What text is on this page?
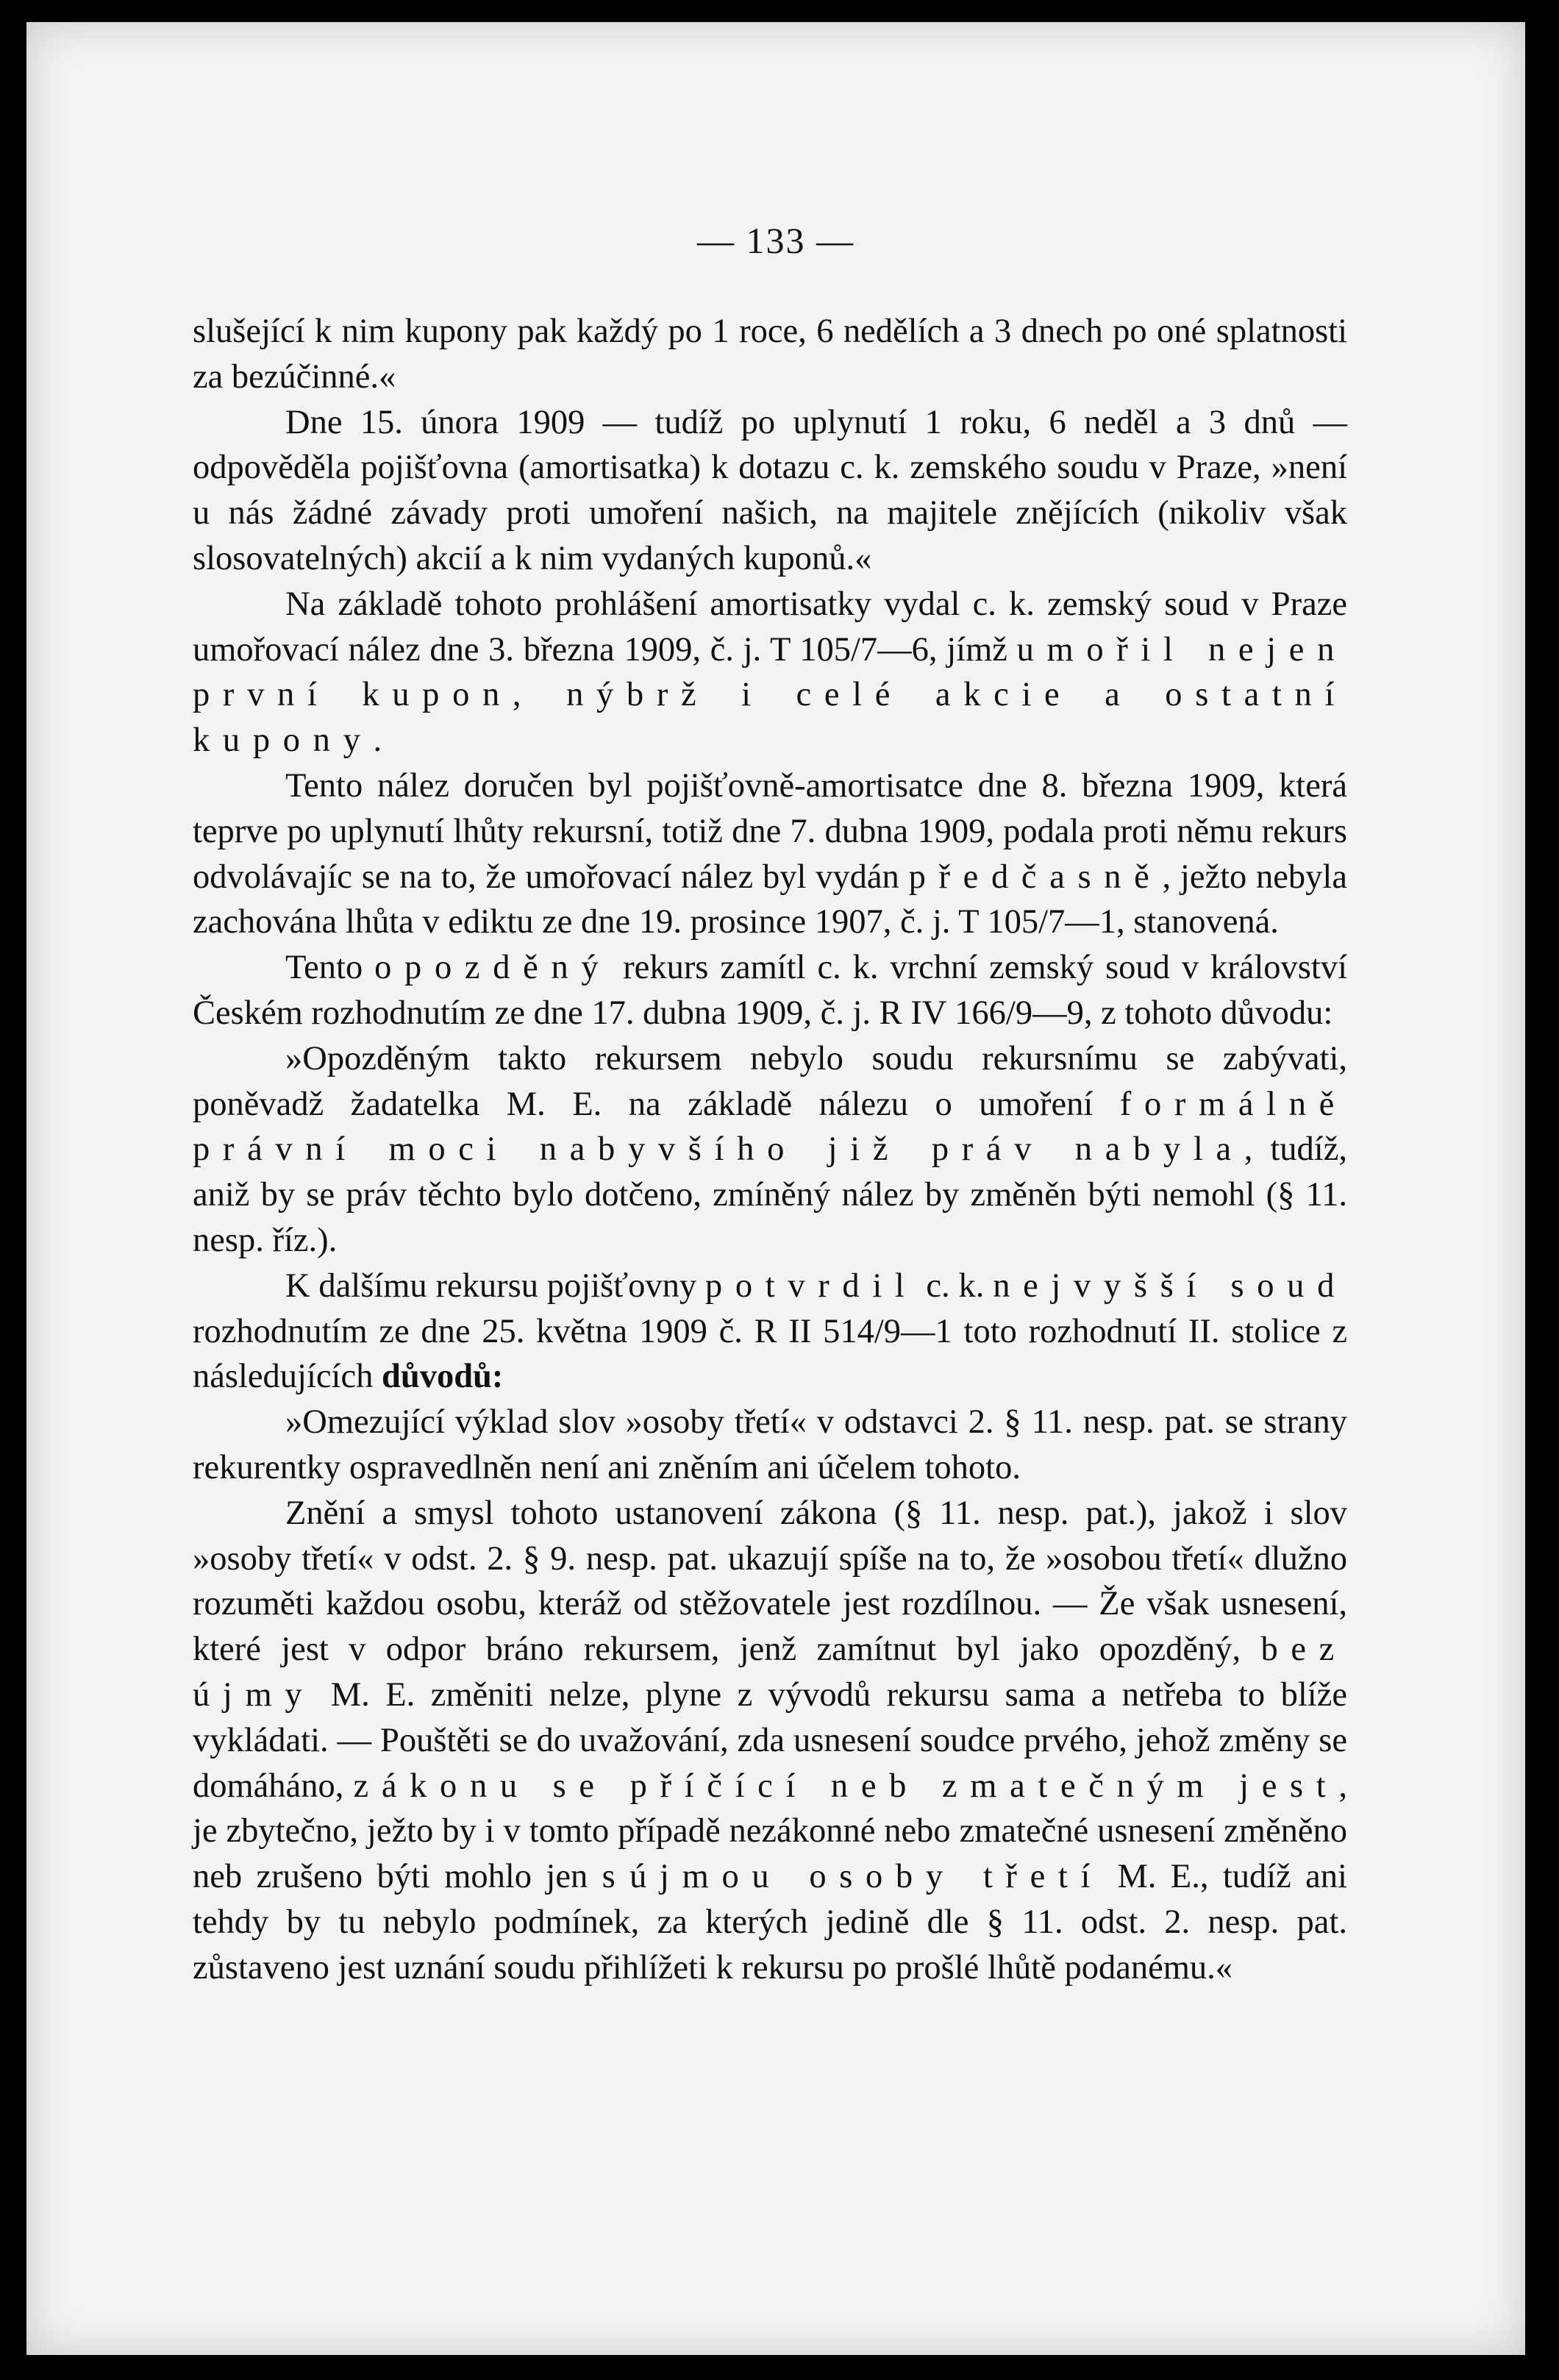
— 133 —

slušející k nim kupony pak každý po 1 roce, 6 nedělích a 3 dnech po oné splatnosti za bezúčinné.«

Dne 15. února 1909 — tudíž po uplynutí 1 roku, 6 neděl a 3 dnů — odpověděla pojišťovna (amortisatka) k dotazu c. k. zemského soudu v Praze, »není u nás žádné závady proti umoření našich, na majitele znějících (nikoliv však slosovatelných) akcií a k nim vydaných kuponů.«

Na základě tohoto prohlášení amortisatky vydal c. k. zemský soud v Praze umořovací nález dne 3. března 1909, č. j. T 105/7—6, jímž umořil nejen první kupon, nýbrž i celé akcie a ostatní kupony.

Tento nález doručen byl pojišťovně-amortisatce dne 8. března 1909, která teprve po uplynutí lhůty rekursní, totiž dne 7. dubna 1909, podala proti němu rekurs odvolávajíc se na to, že umořovací nález byl vydán předčasně, ježto nebyla zachována lhůta v ediktu ze dne 19. prosince 1907, č. j. T 105/7—1, stanovená.

Tento opozděný rekurs zamítl c. k. vrchní zemský soud v království Českém rozhodnutím ze dne 17. dubna 1909, č. j. R IV 166/9—9, z tohoto důvodu:

»Opozděným takto rekursem nebylo soudu rekursnímu se zabývati, poněvadž žadatelka M. E. na základě nálezu o umoření formálně právní moci nabyvšího již práv nabyla, tudíž, aniž by se práv těchto bylo dotčeno, zmíněný nález by změněn býti nemohl (§ 11. nesp. říz.).

K dalšímu rekursu pojišťovny potvrdil c. k. nejvyšší soud rozhodnutím ze dne 25. května 1909 č. R II 514/9—1 toto rozhodnutí II. stolice z následujících důvodů:

»Omezující výklad slov »osoby třetí« v odstavci 2. § 11. nesp. pat. se strany rekurentky ospravedlněn není ani zněním ani účelem tohoto.

Znění a smysl tohoto ustanovení zákona (§ 11. nesp. pat.), jakož i slov »osoby třetí« v odst. 2. § 9. nesp. pat. ukazují spíše na to, že »osobou třetí« dlužno rozuměti každou osobu, kteráž od stěžovatele jest rozdílnou. — Že však usnesení, které jest v odpor bráno rekursem, jenž zamítnut byl jako opozděný, bez újmy M. E. změniti nelze, plyne z vývodů rekursu sama a netřeba to blíže vykládati. — Pouštěti se do uvažování, zda usnesení soudce prvého, jehož změny se domáháno, zákonu se příčící neb zmatečným jest, je zbytečno, ježto by i v tomto případě nezákonné nebo zmatečné usnesení změněno neb zrušeno býti mohlo jen s újmou osoby třetí M. E., tudíž ani tehdy by tu nebylo podmínek, za kterých jedině dle § 11. odst. 2. nesp. pat. zůstaveno jest uznání soudu přihlížeti k rekursu po prošlé lhůtě podanému.«
